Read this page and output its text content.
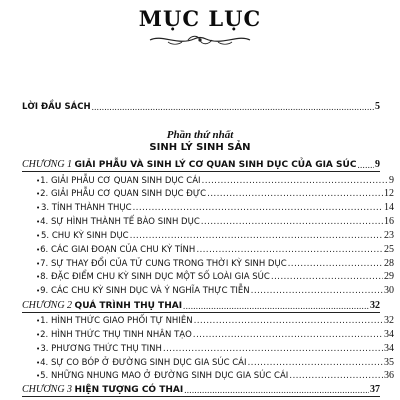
MỤC LỤC
LỜI ĐẦU SÁCH .....	5
Phần thứ nhất
SINH LÝ SINH SẢN
CHƯƠNG 1 GIẢI PHẪU VÀ SINH LÝ CƠ QUAN SINH DỤC CỦA GIA SÚC ..... 9
• 1. GIẢI PHẪU CƠ QUAN SINH DỤC CÁI .....	9
• 2. GIẢI PHẪU CƠ QUAN SINH DỤC ĐỰC .....	12
• 3. TÍNH THÀNH THỤC .....	14
• 4. SỰ HÌNH THÀNH TẾ BÀO SINH DỤC .....	16
• 5. CHU KỲ SINH DỤC .....	23
• 6. CÁC GIAI ĐOẠN CỦA CHU KỲ TÍNH .....	25
• 7. SỰ THAY ĐỔI CỦA TỬ CUNG TRONG THỜI KỲ SINH DỤC .....	28
• 8. ĐẶC ĐIỂM CHU KỲ SINH DỤC MỘT SỐ LOÀI GIA SÚC .....	29
• 9. CÁC CHU KỲ SINH DỤC VÀ Ý NGHĨA THỰC TIỄN .....	30
CHƯƠNG 2 QUÁ TRÌNH THỤ THAI .....	32
• 1. HÌNH THỨC GIAO PHỐI TỰ NHIÊN .....	32
• 2. HÌNH THỨC THỤ TINH NHÂN TẠO .....	34
• 3. PHƯƠNG THỨC THỤ TINH .....	34
• 4. SỰ CO BÓP Ở ĐƯỜNG SINH DỤC GIA SÚC CÁI .....	35
• 5. NHỮNG NHUNG MAO Ở ĐƯỜNG SINH DỤC GIA SÚC CÁI .....	36
CHƯƠNG 3 HIỆN TƯỢNG CÓ THAI .....	37
